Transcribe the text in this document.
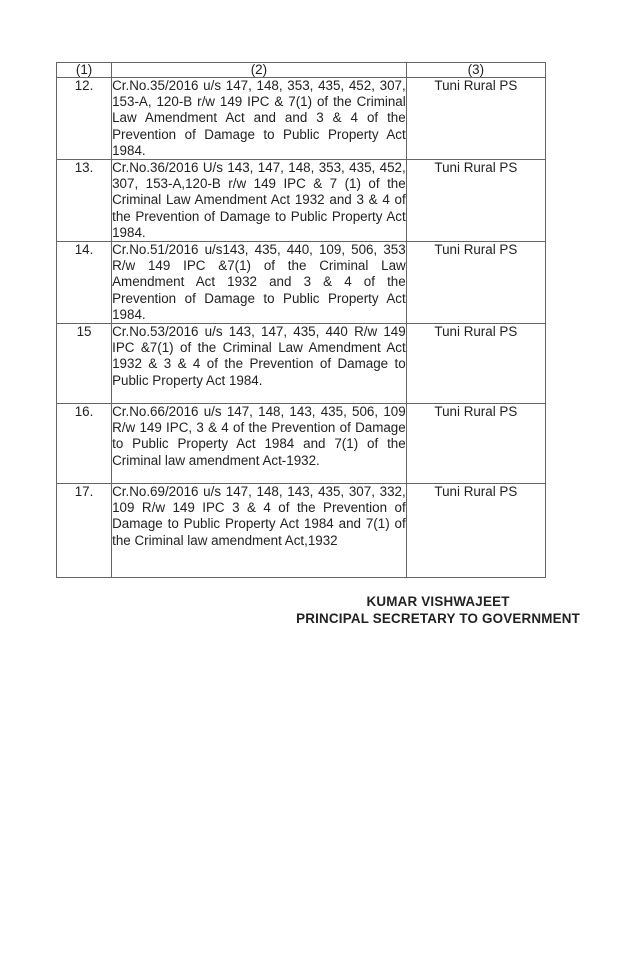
(1)	(2)	(3)
12.	Cr.No.35/2016 u/s 147, 148, 353, 435, 452, 307, 153-A, 120-B r/w 149 IPC & 7(1) of the Criminal Law Amendment Act and and 3 & 4 of the Prevention of Damage to Public Property Act 1984.	Tuni Rural PS
13.	Cr.No.36/2016 U/s 143, 147, 148, 353, 435, 452, 307, 153-A,120-B r/w 149 IPC & 7 (1) of the Criminal Law Amendment Act 1932 and 3 & 4 of the Prevention of Damage to Public Property Act 1984.	Tuni Rural PS
14.	Cr.No.51/2016 u/s143, 435, 440, 109, 506, 353 R/w 149 IPC &7(1) of the Criminal Law Amendment Act 1932 and 3 & 4 of the Prevention of Damage to Public Property Act 1984.	Tuni Rural PS
15	Cr.No.53/2016 u/s 143, 147, 435, 440 R/w 149 IPC &7(1) of the Criminal Law Amendment Act 1932 & 3 & 4 of the Prevention of Damage to Public Property Act 1984.	Tuni Rural PS
16.	Cr.No.66/2016 u/s 147, 148, 143, 435, 506, 109 R/w 149 IPC, 3 & 4 of the Prevention of Damage to Public Property Act 1984 and 7(1) of the Criminal law amendment Act-1932.	Tuni Rural PS
17.	Cr.No.69/2016 u/s 147, 148, 143, 435, 307, 332, 109 R/w 149 IPC 3 & 4 of the Prevention of Damage to Public Property Act 1984 and 7(1) of the Criminal law amendment Act,1932	Tuni Rural PS
KUMAR VISHWAJEET
PRINCIPAL SECRETARY TO GOVERNMENT
